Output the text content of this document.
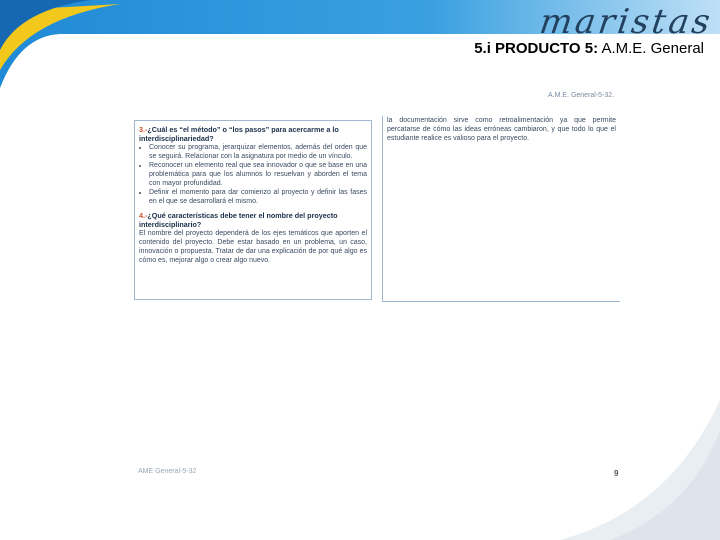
maristas
5.i PRODUCTO 5: A.M.E. General
A.M.E. General-5-32.
3.-¿Cuál es “el método” o “los pasos” para acercarme a lo interdisciplinariedad?
• Conocer su programa, jerarquizar elementos, además del orden que se seguirá. Relacionar con la asignatura por medio de un vínculo.
• Reconocer un elemento real que sea innovador o que se base en una problemática para que los alumnos lo resuelvan y aborden el tema con mayor profundidad.
• Definir el momento para dar comienzo al proyecto y definir las fases en el que se desarrollará el mismo.
4.-¿Qué características debe tener el nombre del proyecto interdisciplinario?
El nombre del proyecto dependerá de los ejes temáticos que aporten el contenido del proyecto. Debe estar basado en un problema, un caso, innovación o propuesta. Tratar de dar una explicación de por qué algo es cómo es, mejorar algo o crear algo nuevo.
la documentación sirve como retroalimentación ya que permite percatarse de cómo las ideas erróneas cambiaron, y que todo lo que el estudiante realice es valioso para el proyecto.
AME General-5-32	9
